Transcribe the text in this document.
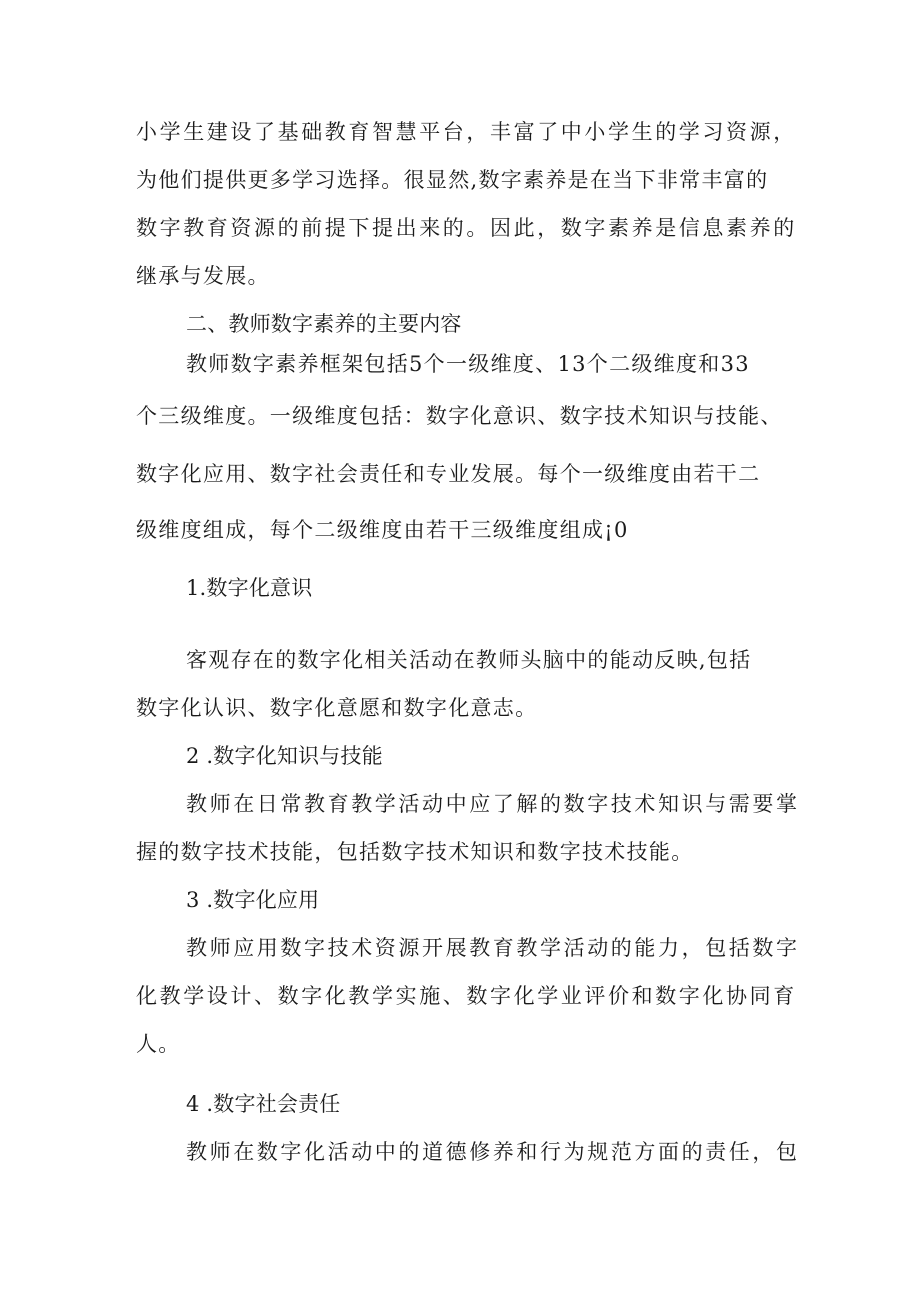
小学生建设了基础教育智慧平台，丰富了中小学生的学习资源，

为他们提供更多学习选择。很显然,数字素养是在当下非常丰富的

数字教育资源的前提下提出来的。因此，数字素养是信息素养的

继承与发展。

二、教师数字素养的主要内容

教师数字素养框架包括5个一级维度、13个二级维度和33

个三级维度。一级维度包括：数字化意识、数字技术知识与技能、

数字化应用、数字社会责任和专业发展。每个一级维度由若干二

级维度组成，每个二级维度由若干三级维度组成¡0

1.数字化意识

客观存在的数字化相关活动在教师头脑中的能动反映,包括

数字化认识、数字化意愿和数字化意志。

2 .数字化知识与技能

教师在日常教育教学活动中应了解的数字技术知识与需要掌

握的数字技术技能，包括数字技术知识和数字技术技能。

3 .数字化应用

教师应用数字技术资源开展教育教学活动的能力，包括数字

化教学设计、数字化教学实施、数字化学业评价和数字化协同育

人。

4 .数字社会责任

教师在数字化活动中的道德修养和行为规范方面的责任，包
